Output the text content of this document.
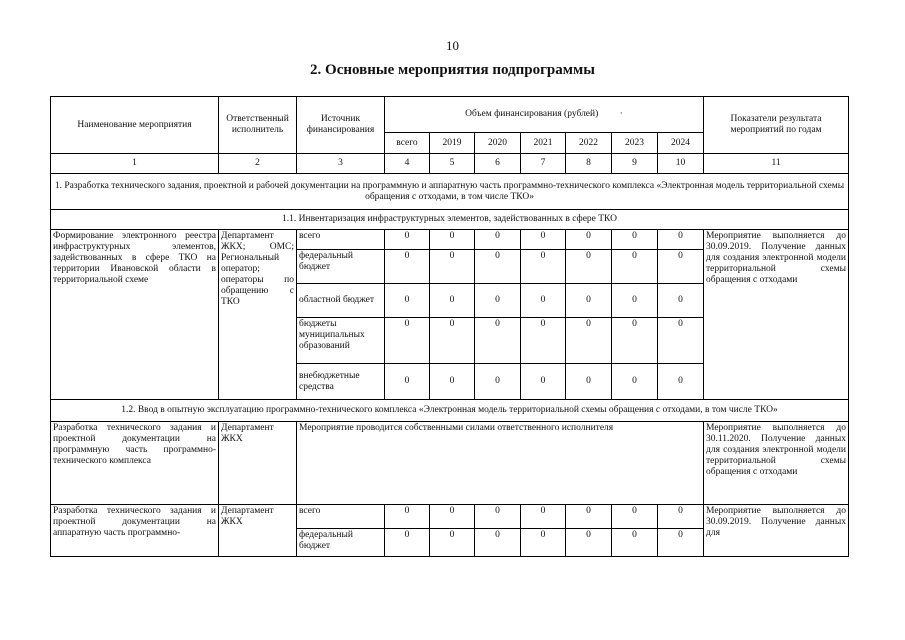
10
2. Основные мероприятия подпрограммы
Наименование мероприятия	Ответственный исполнитель	Источник финансирования	Объем финансирования (рублей) ·							Показатели результата мероприятий по годам
			всего	2019	2020	2021	2022	2023	2024	
1	2	3	4	5	6	7	8	9	10	11
1. Разработка технического задания, проектной и рабочей документации на программную и аппаратную часть программно-технического комплекса «Электронная модель территориальной схемы обращения с отходами, в том числе ТКО»										
1.1. Инвентаризация инфраструктурных элементов, задействованных в сфере ТКО										
Формирование электронного реестра инфраструктурных элементов, задействованных в сфере ТКО на территории Ивановской области в территориальной схеме	Департамент ЖКХ; ОМС; Региональный оператор; операторы по обращению с ТКО	всего	0	0	0	0	0	0	0	Мероприятие выполняется до 30.09.2019. Получение данных для создания электронной модели территориальной схемы обращения с отходами
		федеральный бюджет	0	0	0	0	0	0	0	
		областной бюджет	0	0	0	0	0	0	0	
		бюджеты муниципальных образований	0	0	0	0	0	0	0	
		внебюджетные средства	0	0	0	0	0	0	0	
1.2. Ввод в опытную эксплуатацию программно-технического комплекса «Электронная модель территориальной схемы обращения с отходами, в том числе ТКО»										
Разработка технического задания и проектной документации на программную часть программно-технического комплекса	Департамент ЖКХ	Мероприятие проводится собственными силами ответственного исполнителя								Мероприятие выполняется до 30.11.2020. Получение данных для создания электронной модели территориальной схемы обращения с отходами
Разработка технического задания и проектной документации на аппаратную часть программно-	Департамент ЖКХ	всего	0	0	0	0	0	0	0	Мероприятие выполняется до 30.09.2019. Получение данных для
		федеральный бюджет	0	0	0	0	0	0	0	
